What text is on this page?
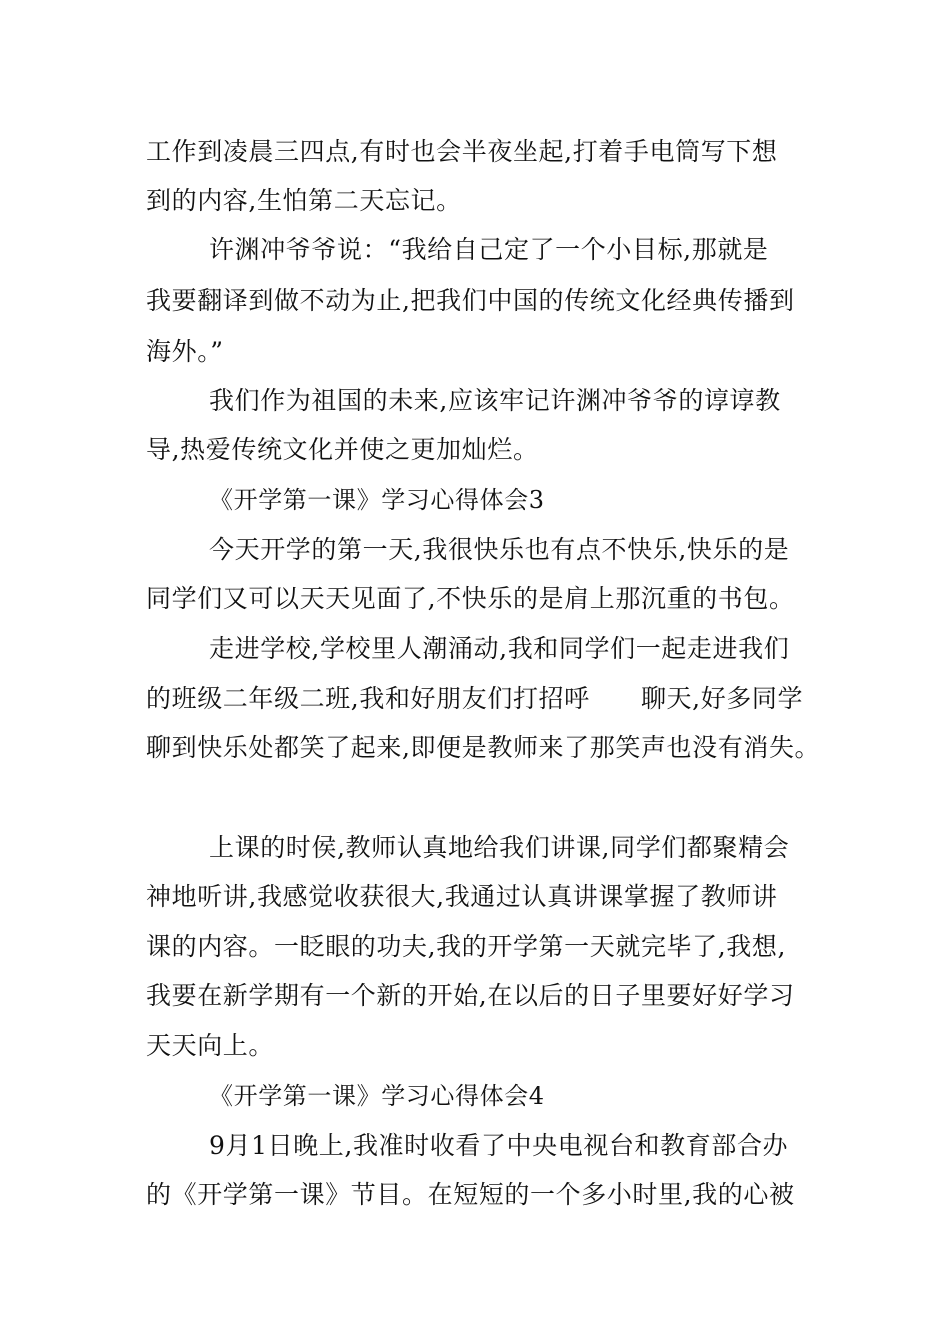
工作到凌晨三四点,有时也会半夜坐起,打着手电筒写下想
到的内容,生怕第二天忘记。
许渊冲爷爷说：“我给自己定了一个小目标,那就是
我要翻译到做不动为止,把我们中国的传统文化经典传播到
海外。”
我们作为祖国的未来,应该牢记许渊冲爷爷的谆谆教
导,热爱传统文化并使之更加灿烂。
《开学第一课》学习心得体会3
今天开学的第一天,我很快乐也有点不快乐,快乐的是
同学们又可以天天见面了,不快乐的是肩上那沉重的书包。
走进学校,学校里人潮涌动,我和同学们一起走进我们
的班级二年级二班,我和好朋友们打招呼　　聊天,好多同学
聊到快乐处都笑了起来,即便是教师来了那笑声也没有消失。
上课的时侯,教师认真地给我们讲课,同学们都聚精会
神地听讲,我感觉收获很大,我通过认真讲课掌握了教师讲
课的内容。一眨眼的功夫,我的开学第一天就完毕了,我想,
我要在新学期有一个新的开始,在以后的日子里要好好学习
天天向上。
《开学第一课》学习心得体会4
9月1日晚上,我准时收看了中央电视台和教育部合办
的《开学第一课》节目。在短短的一个多小时里,我的心被
